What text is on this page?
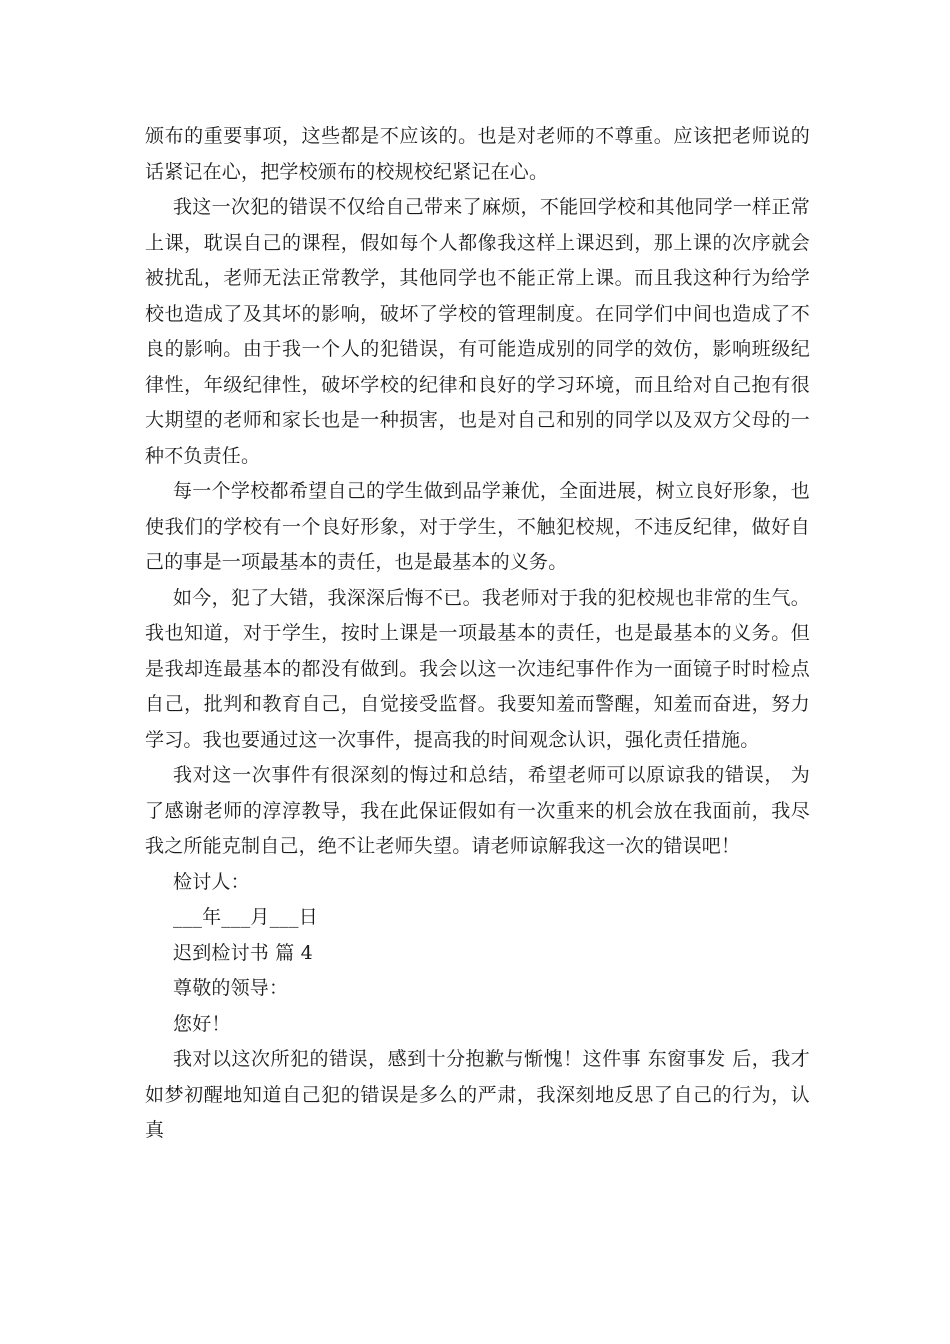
颁布的重要事项，这些都是不应该的。也是对老师的不尊重。应该把老师说的
话紧记在心，把学校颁布的校规校纪紧记在心。

我这一次犯的错误不仅给自己带来了麻烦，不能回学校和其他同学一样正常
上课，耽误自己的课程，假如每个人都像我这样上课迟到，那上课的次序就会
被扰乱，老师无法正常教学，其他同学也不能正常上课。而且我这种行为给学
校也造成了及其坏的影响，破坏了学校的管理制度。在同学们中间也造成了不
良的影响。由于我一个人的犯错误，有可能造成别的同学的效仿，影响班级纪
律性，年级纪律性，破坏学校的纪律和良好的学习环境，而且给对自己抱有很
大期望的老师和家长也是一种损害，也是对自己和别的同学以及双方父母的一
种不负责任。

每一个学校都希望自己的学生做到品学兼优，全面进展，树立良好形象，也
使我们的学校有一个良好形象，对于学生，不触犯校规，不违反纪律，做好自
己的事是一项最基本的责任，也是最基本的义务。

如今，犯了大错，我深深后悔不已。我老师对于我的犯校规也非常的生气。
我也知道，对于学生，按时上课是一项最基本的责任，也是最基本的义务。但
是我却连最基本的都没有做到。我会以这一次违纪事件作为一面镜子时时检点
自己，批判和教育自己，自觉接受监督。我要知羞而警醒，知羞而奋进，努力
学习。我也要通过这一次事件，提高我的时间观念认识，强化责任措施。

我对这一次事件有很深刻的悔过和总结，希望老师可以原谅我的错误， 为
了感谢老师的淳淳教导，我在此保证假如有一次重来的机会放在我面前，我尽
我之所能克制自己，绝不让老师失望。请老师谅解我这一次的错误吧！

检讨人：

___年___月___日

迟到检讨书 篇 4

尊敬的领导：

您好！

我对以这次所犯的错误，感到十分抱歉与惭愧！这件事 东窗事发 后，我才
如梦初醒地知道自己犯的错误是多么的严肃，我深刻地反思了自己的行为，认
真
